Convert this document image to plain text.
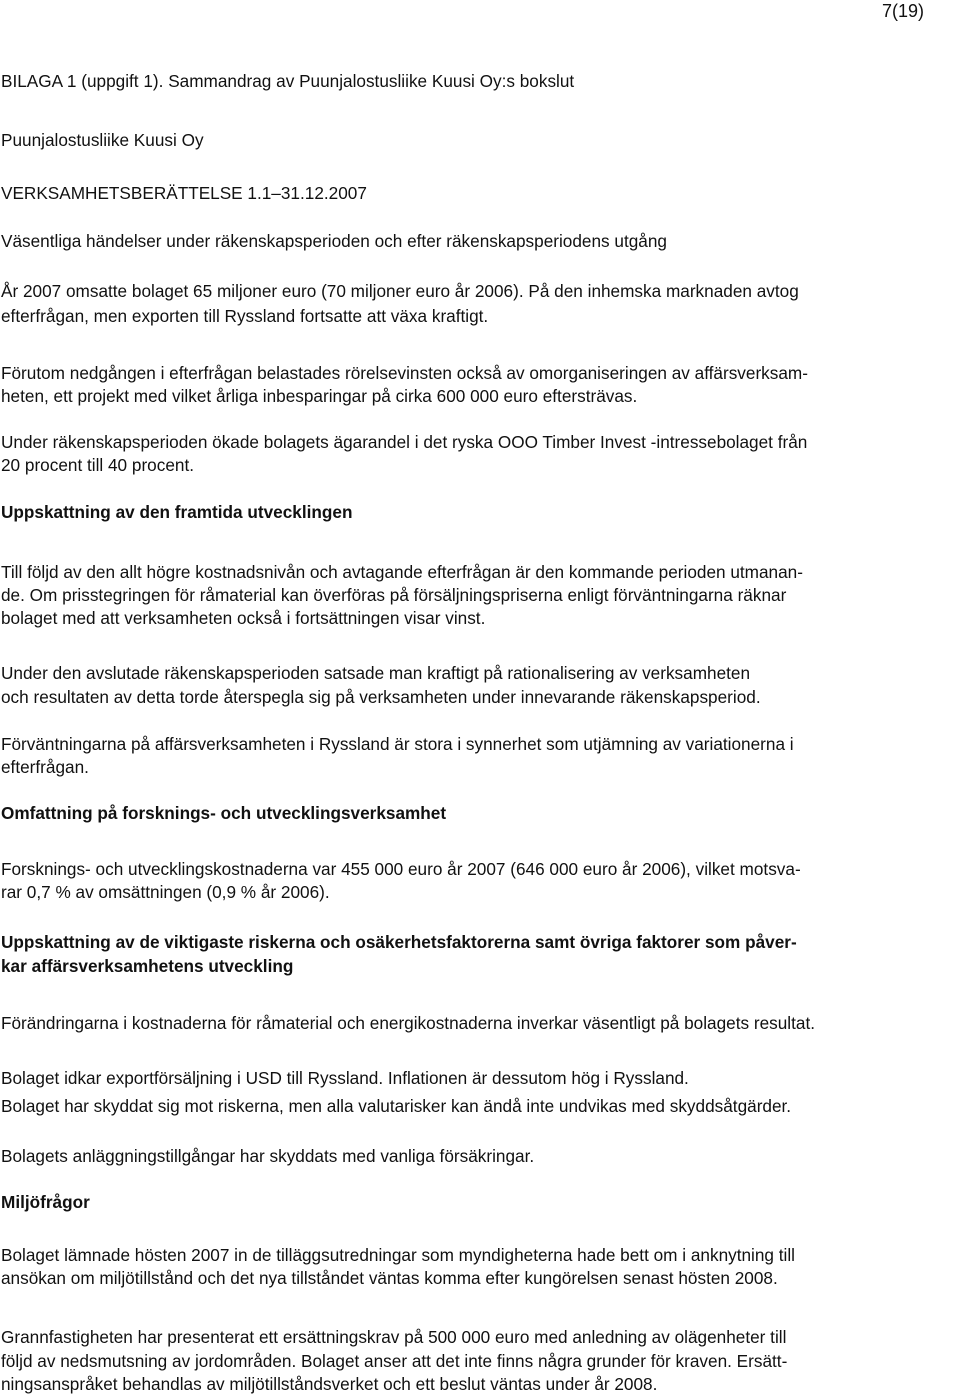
7(19)
BILAGA 1 (uppgift 1). Sammandrag av Puunjalostusliike Kuusi Oy:s bokslut
Puunjalostusliike Kuusi Oy
VERKSAMHETSBERÄTTELSE 1.1–31.12.2007
Väsentliga händelser under räkenskapsperioden och efter räkenskapsperiodens utgång
År 2007 omsatte bolaget 65 miljoner euro (70 miljoner euro år 2006). På den inhemska marknaden avtog
efterfrågan, men exporten till Ryssland fortsatte att växa kraftigt.
Förutom nedgången i efterfrågan belastades rörelsevinsten också av omorganiseringen av affärsverksam-
heten, ett projekt med vilket årliga inbesparingar på cirka 600 000 euro eftersträvas.
Under räkenskapsperioden ökade bolagets ägarandel i det ryska OOO Timber Invest -intressebolaget från
20 procent till 40 procent.
Uppskattning av den framtida utvecklingen
Till följd av den allt högre kostnadsnivån och avtagande efterfrågan är den kommande perioden utmanan-
de. Om prisstegringen för råmaterial kan överföras på försäljningspriserna enligt förväntningarna räknar
bolaget med att verksamheten också i fortsättningen visar vinst.
Under den avslutade räkenskapsperioden satsade man kraftigt på rationalisering av verksamheten
och resultaten av detta torde återspegla sig på verksamheten under innevarande räkenskapsperiod.
Förväntningarna på affärsverksamheten i Ryssland är stora i synnerhet som utjämning av variationerna i
efterfrågan.
Omfattning på forsknings- och utvecklingsverksamhet
Forsknings- och utvecklingskostnaderna var 455 000 euro år 2007 (646 000 euro år 2006), vilket motsva-
rar 0,7 % av omsättningen (0,9 % år 2006).
Uppskattning av de viktigaste riskerna och osäkerhetsfaktorerna samt övriga faktorer som påver-
kar affärsverksamhetens utveckling
Förändringarna i kostnaderna för råmaterial och energikostnaderna inverkar väsentligt på bolagets resultat.
Bolaget idkar exportförsäljning i USD till Ryssland. Inflationen är dessutom hög i Ryssland.
Bolaget har skyddat sig mot riskerna, men alla valutarisker kan ändå inte undvikas med skyddsåtgärder.
Bolagets anläggningstillgångar har skyddats med vanliga försäkringar.
Miljöfrågor
Bolaget lämnade hösten 2007 in de tilläggsutredningar som myndigheterna hade bett om i anknytning till
ansökan om miljötillstånd och det nya tillståndet väntas komma efter kungörelsen senast hösten 2008.
Grannfastigheten har presenterat ett ersättningskrav på 500 000 euro med anledning av olägenheter till
följd av nedsmutsning av jordområden. Bolaget anser att det inte finns några grunder för kraven. Ersätt-
ningsanspråket behandlas av miljötillståndsverket och ett beslut väntas under år 2008.
